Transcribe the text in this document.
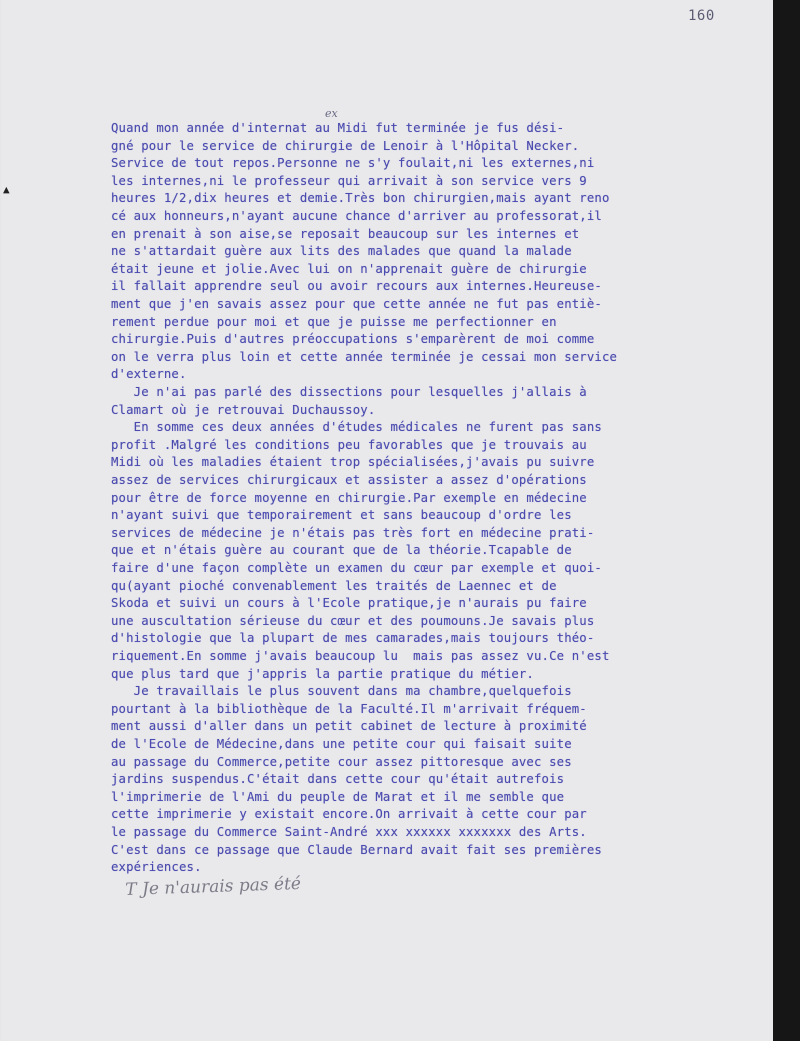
160
▲
ex
Quand mon année d'internat au Midi fut terminée je fus dési-
gné pour le service de chirurgie de Lenoir à l'Hôpital Necker.
Service de tout repos.Personne ne s'y foulait,ni les externes,ni
les internes,ni le professeur qui arrivait à son service vers 9
heures 1/2,dix heures et demie.Très bon chirurgien,mais ayant reno
cé aux honneurs,n'ayant aucune chance d'arriver au professorat,il
en prenait à son aise,se reposait beaucoup sur les internes et
ne s'attardait guère aux lits des malades que quand la malade
était jeune et jolie.Avec lui on n'apprenait guère de chirurgie
il fallait apprendre seul ou avoir recours aux internes.Heureuse-
ment que j'en savais assez pour que cette année ne fut pas entiè-
rement perdue pour moi et que je puisse me perfectionner en
chirurgie.Puis d'autres préoccupations s'emparèrent de moi comme
on le verra plus loin et cette année terminée je cessai mon service
d'externe.
Je n'ai pas parlé des dissections pour lesquelles j'allais à
Clamart où je retrouvai Duchaussoy.
En somme ces deux années d'études médicales ne furent pas sans
profit .Malgré les conditions peu favorables que je trouvais au
Midi où les maladies étaient trop spécialisées,j'avais pu suivre
assez de services chirurgicaux et assister a assez d'opérations
pour être de force moyenne en chirurgie.Par exemple en médecine
n'ayant suivi que temporairement et sans beaucoup d'ordre les
services de médecine je n'étais pas très fort en médecine prati-
que et n'étais guère au courant que de la théorie.Tcapable de
faire d'une façon complète un examen du cœur par exemple et quoi-
qu(ayant pioché convenablement les traités de Laennec et de
Skoda et suivi un cours à l'Ecole pratique,je n'aurais pu faire
une auscultation sérieuse du cœur et des poumouns.Je savais plus
d'histologie que la plupart de mes camarades,mais toujours théo-
riquement.En somme j'avais beaucoup lu  mais pas assez vu.Ce n'est
que plus tard que j'appris la partie pratique du métier.
Je travaillais le plus souvent dans ma chambre,quelquefois
pourtant à la bibliothèque de la Faculté.Il m'arrivait fréquem-
ment aussi d'aller dans un petit cabinet de lecture à proximité
de l'Ecole de Médecine,dans une petite cour qui faisait suite
au passage du Commerce,petite cour assez pittoresque avec ses
jardins suspendus.C'était dans cette cour qu'était autrefois
l'imprimerie de l'Ami du peuple de Marat et il me semble que
cette imprimerie y existait encore.On arrivait à cette cour par
le passage du Commerce Saint-André xxx xxxxxx xxxxxxx des Arts.
C'est dans ce passage que Claude Bernard avait fait ses premières
expériences.
T Je n'aurais pas été
